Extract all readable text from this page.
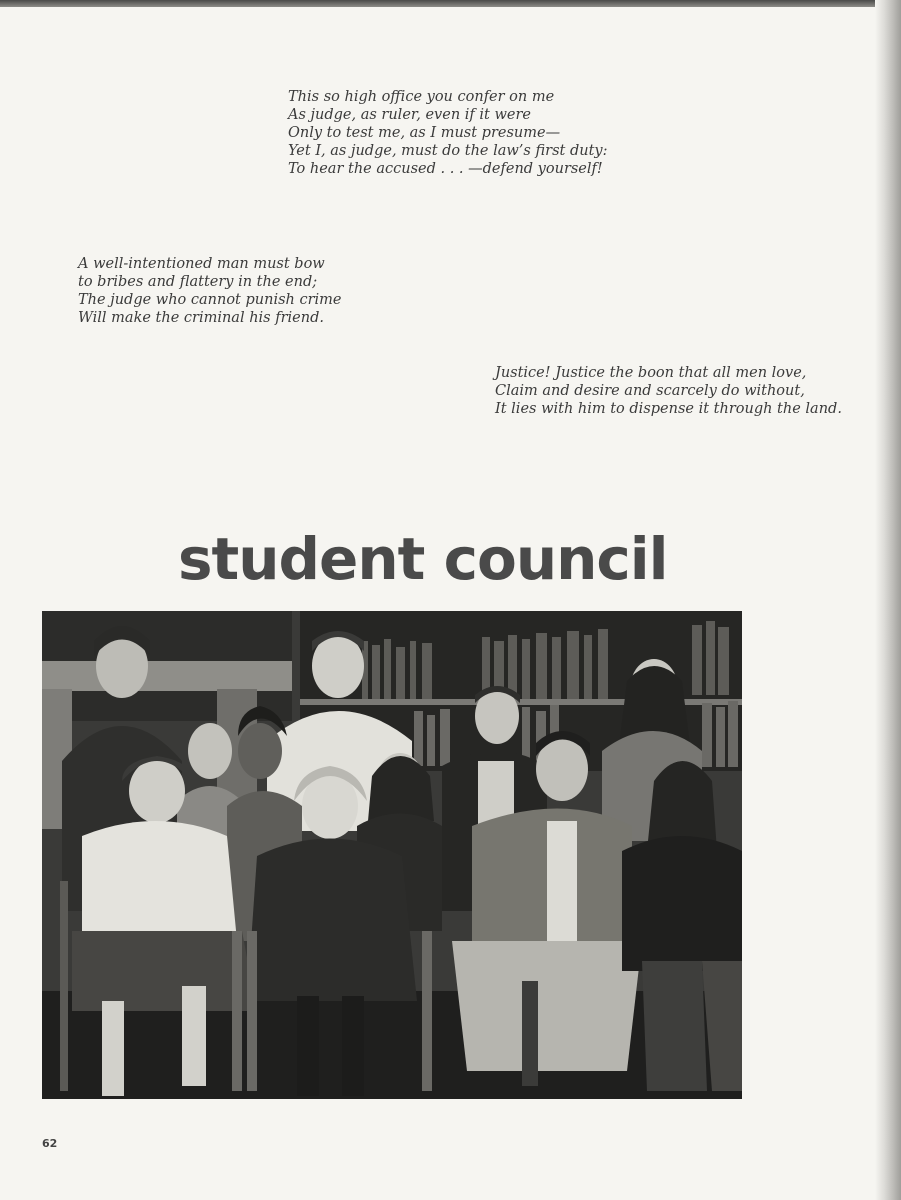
This so high office you confer on me
As judge, as ruler, even if it were
Only to test me, as I must presume—
Yet I, as judge, must do the law’s first duty:
To hear the accused . . . —defend yourself!
A well-intentioned man must bow
to bribes and flattery in the end;
The judge who cannot punish crime
Will make the criminal his friend.
Justice! Justice the boon that all men love,
Claim and desire and scarcely do without,
It lies with him to dispense it through the land.
student council
62
